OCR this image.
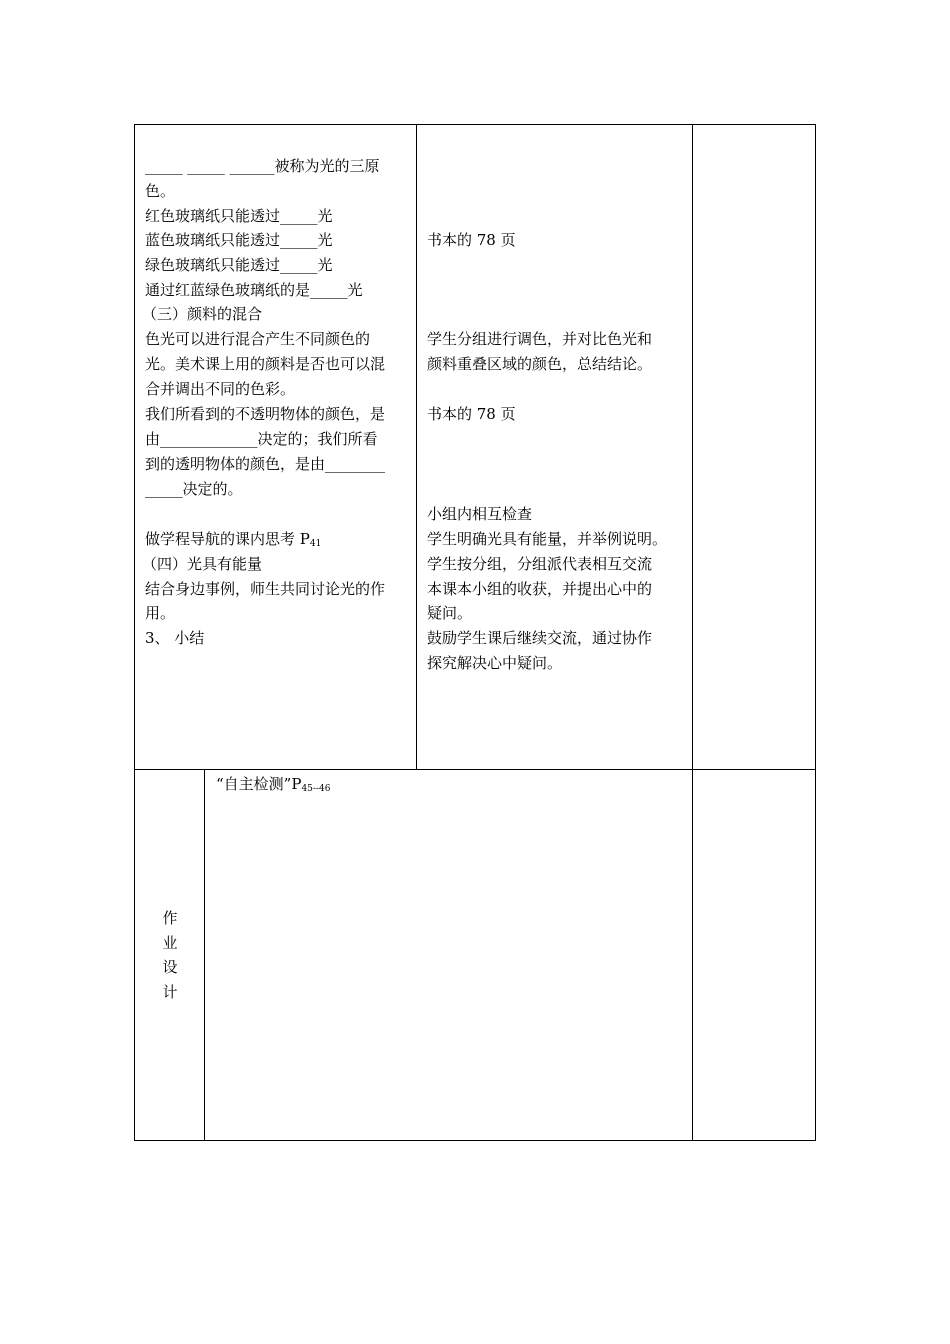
_____ _____ ______被称为光的三原
色。
红色玻璃纸只能透过_____光
蓝色玻璃纸只能透过_____光
绿色玻璃纸只能透过_____光
通过红蓝绿色玻璃纸的是_____光
（三）颜料的混合
色光可以进行混合产生不同颜色的
光。美术课上用的颜料是否也可以混
合并调出不同的色彩。
我们所看到的不透明物体的颜色，是
由_____________决定的；我们所看
到的透明物体的颜色，是由________
_____决定的。
做学程导航的课内思考 $P_{41}$
（四）光具有能量
结合身边事例，师生共同讨论光的作
用。
3、 小结
书本的 78 页
学生分组进行调色，并对比色光和
颜料重叠区域的颜色，总结结论。
书本的 78 页
小组内相互检查
学生明确光具有能量，并举例说明。
学生按分组，分组派代表相互交流
本课本小组的收获，并提出心中的
疑问。
鼓励学生课后继续交流，通过协作
探究解决心中疑问。
作
业
设
计
“自主检测$”P_{45--46}$
